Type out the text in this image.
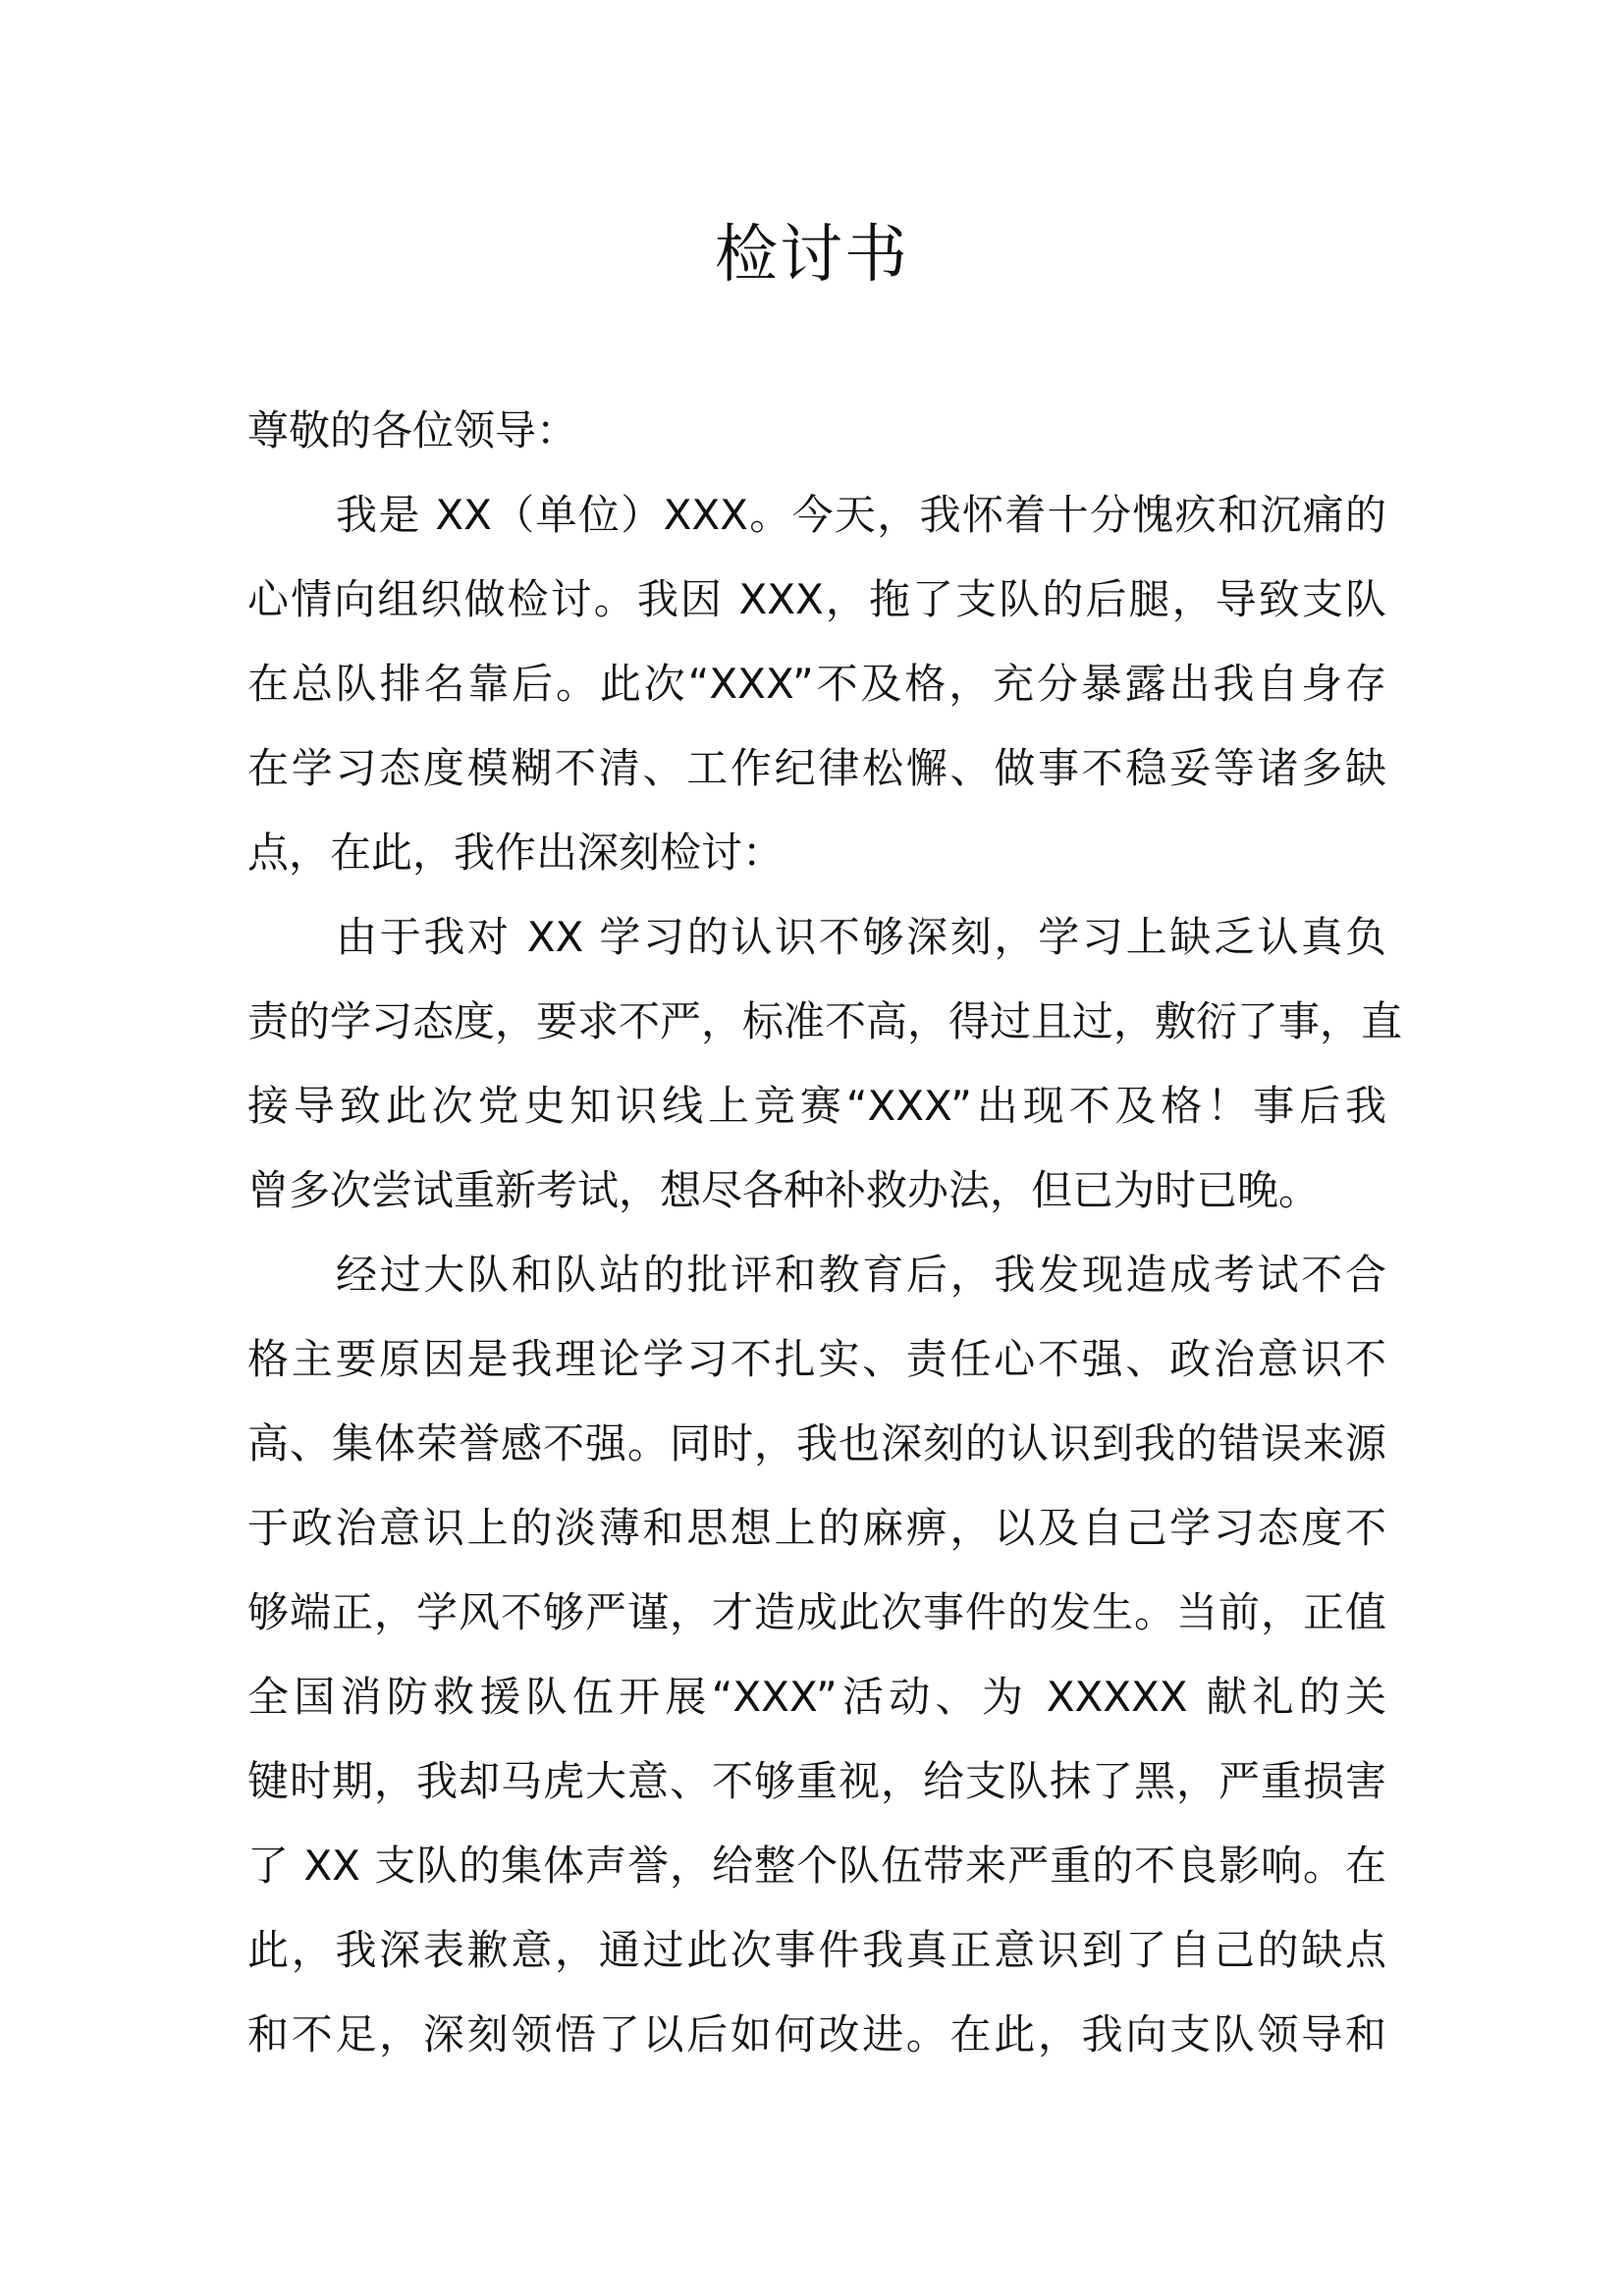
检讨书
尊敬的各位领导：
我是 XX（单位）XXX。今天，我怀着十分愧疚和沉痛的
心情向组织做检讨。我因 XXX，拖了支队的后腿，导致支队
在总队排名靠后。此次“XXX”不及格，充分暴露出我自身存
在学习态度模糊不清、工作纪律松懈、做事不稳妥等诸多缺
点，在此，我作出深刻检讨：
由于我对 XX 学习的认识不够深刻，学习上缺乏认真负
责的学习态度，要求不严，标准不高，得过且过，敷衍了事，直
接导致此次党史知识线上竞赛“XXX”出现不及格！事后我
曾多次尝试重新考试，想尽各种补救办法，但已为时已晚。
经过大队和队站的批评和教育后，我发现造成考试不合
格主要原因是我理论学习不扎实、责任心不强、政治意识不
高、集体荣誉感不强。同时，我也深刻的认识到我的错误来源
于政治意识上的淡薄和思想上的麻痹，以及自己学习态度不
够端正，学风不够严谨，才造成此次事件的发生。当前，正值
全国消防救援队伍开展“XXX”活动、为 XXXXX 献礼的关
键时期，我却马虎大意、不够重视，给支队抹了黑，严重损害
了 XX 支队的集体声誉，给整个队伍带来严重的不良影响。在
此，我深表歉意，通过此次事件我真正意识到了自己的缺点
和不足，深刻领悟了以后如何改进。在此，我向支队领导和
